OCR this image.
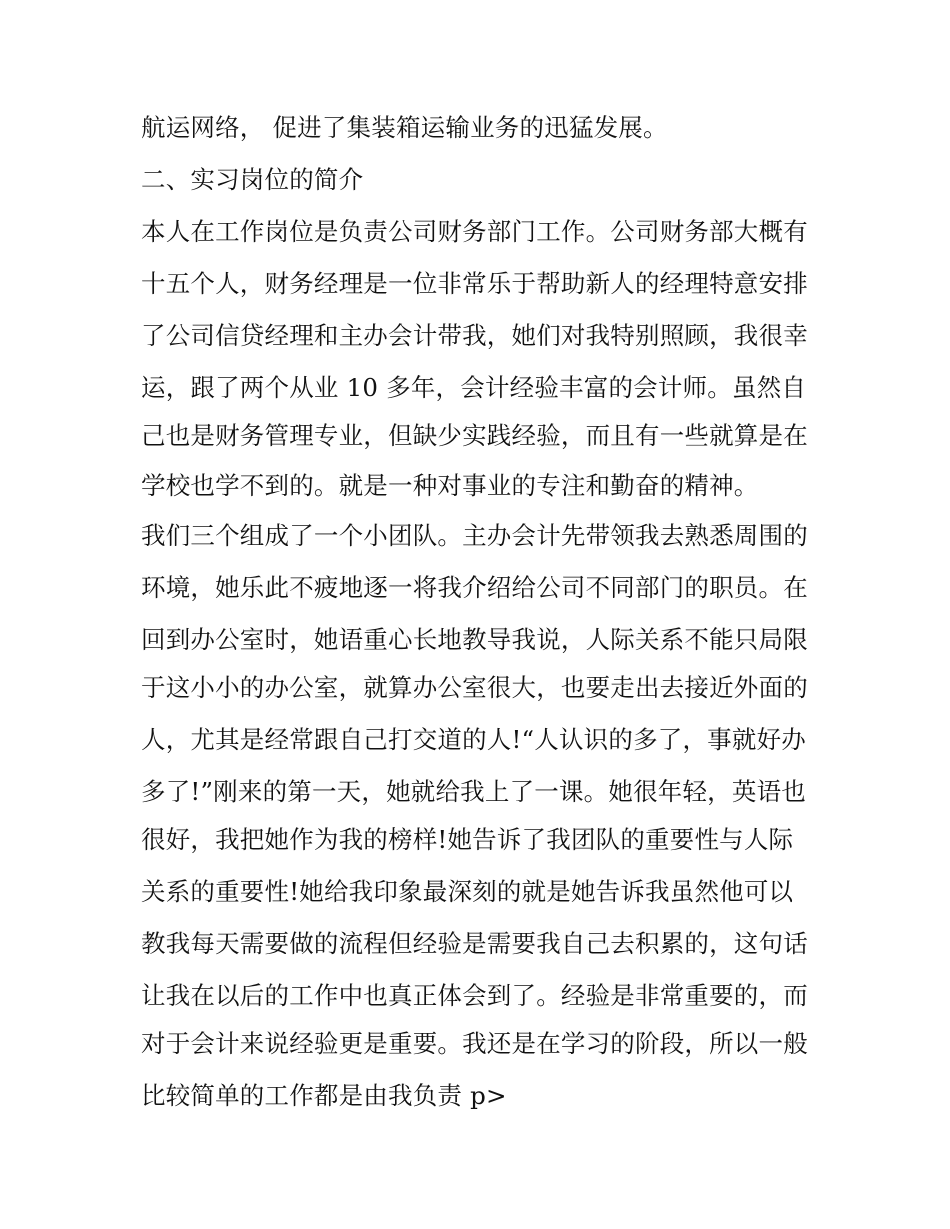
航运网络， 促进了集装箱运输业务的迅猛发展。
二、实习岗位的简介
本人在工作岗位是负责公司财务部门工作。公司财务部大概有
十五个人，财务经理是一位非常乐于帮助新人的经理特意安排
了公司信贷经理和主办会计带我，她们对我特别照顾，我很幸
运，跟了两个从业 10 多年，会计经验丰富的会计师。虽然自
己也是财务管理专业，但缺少实践经验，而且有一些就算是在
学校也学不到的。就是一种对事业的专注和勤奋的精神。
我们三个组成了一个小团队。主办会计先带领我去熟悉周围的
环境，她乐此不疲地逐一将我介绍给公司不同部门的职员。在
回到办公室时，她语重心长地教导我说，人际关系不能只局限
于这小小的办公室，就算办公室很大，也要走出去接近外面的
人，尤其是经常跟自己打交道的人!“人认识的多了，事就好办
多了!”刚来的第一天，她就给我上了一课。她很年轻，英语也
很好，我把她作为我的榜样!她告诉了我团队的重要性与人际
关系的重要性!她给我印象最深刻的就是她告诉我虽然他可以
教我每天需要做的流程但经验是需要我自己去积累的，这句话
让我在以后的工作中也真正体会到了。经验是非常重要的，而
对于会计来说经验更是重要。我还是在学习的阶段，所以一般
比较简单的工作都是由我负责 p>
